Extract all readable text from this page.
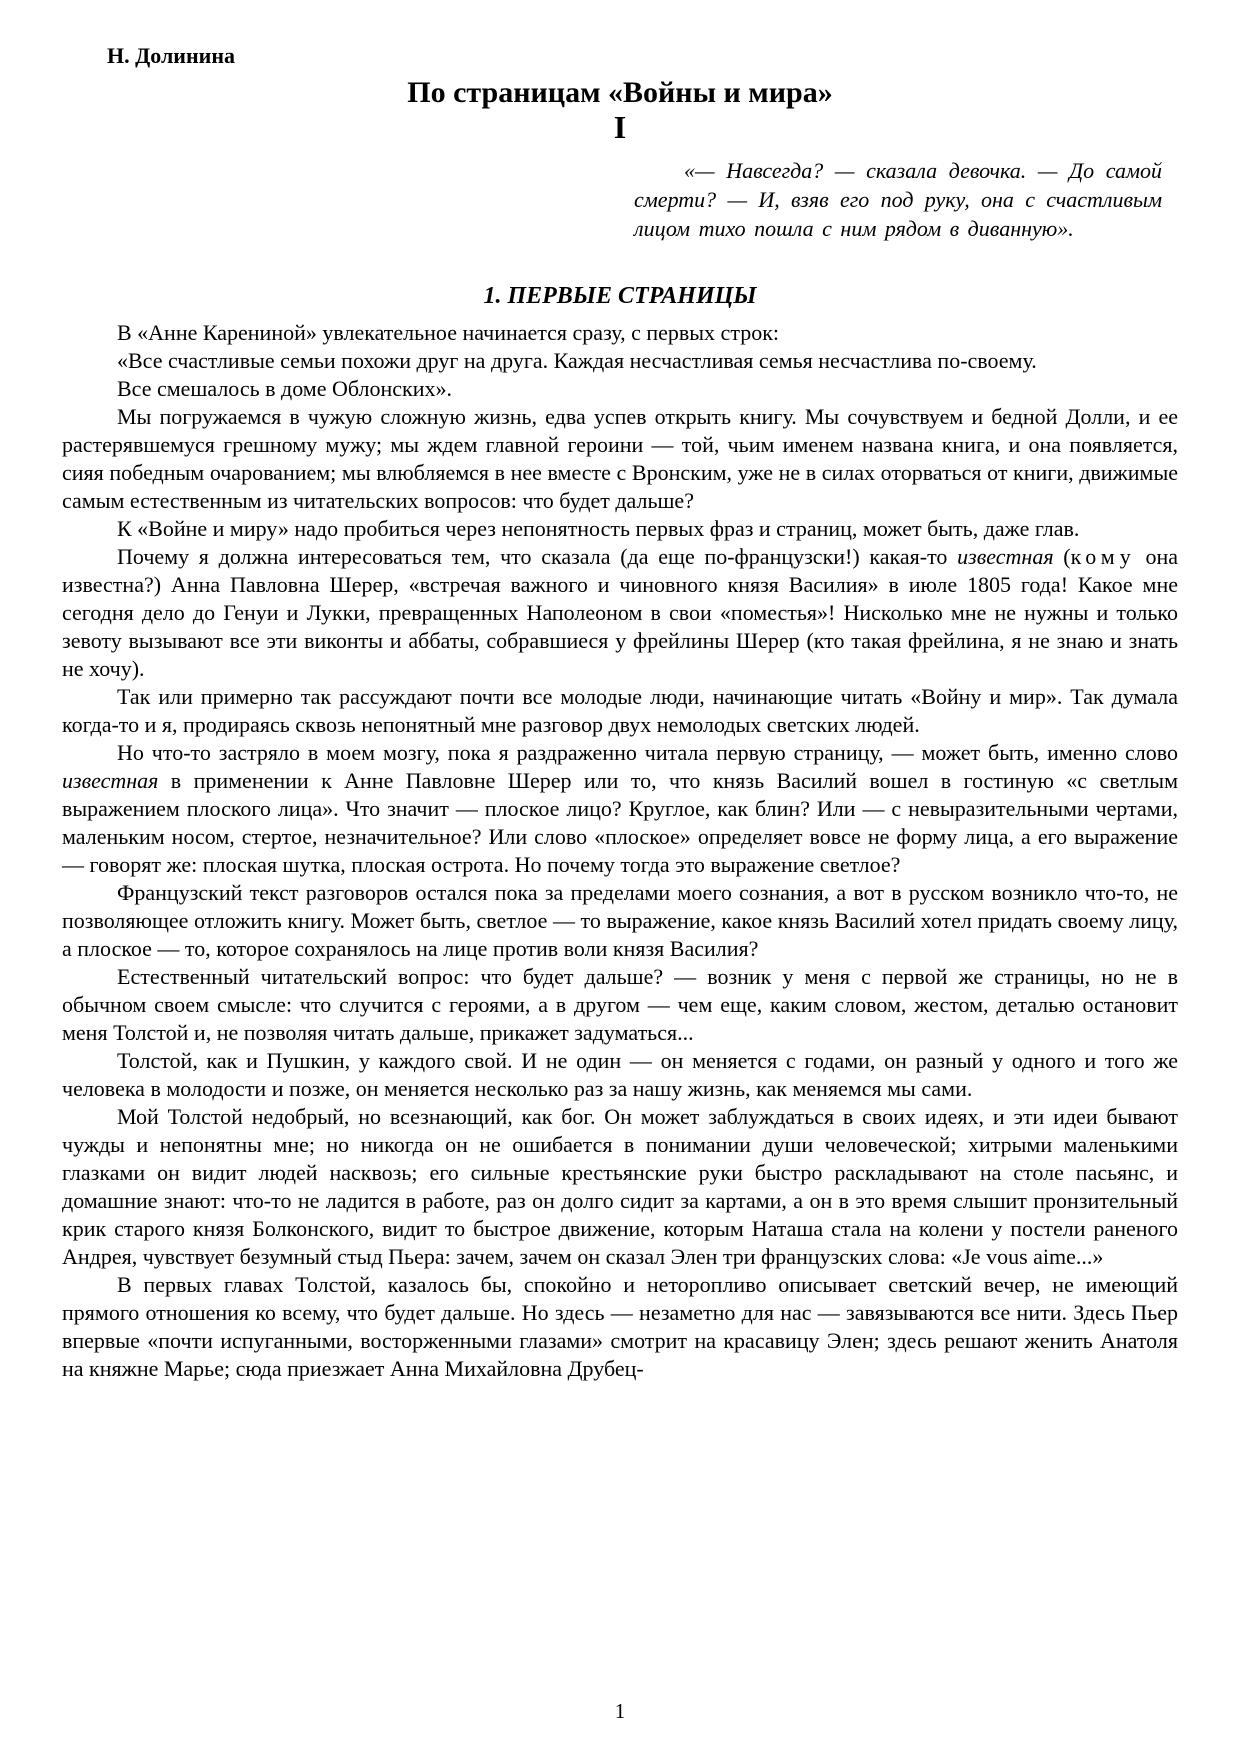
Н. Долинина
По страницам «Войны и мира»
I
«— Навсегда? — сказала девочка. — До самой смерти? — И, взяв его под руку, она с счастливым лицом тихо пошла с ним рядом в диванную».
1. ПЕРВЫЕ СТРАНИЦЫ

В «Анне Карениной» увлекательное начинается сразу, с первых строк:

«Все счастливые семьи похожи друг на друга. Каждая несчастливая семья несчастлива по-своему.

Все смешалось в доме Облонских».

Мы погружаемся в чужую сложную жизнь, едва успев открыть книгу. Мы сочувствуем и бедной Долли, и ее растерявшемуся грешному мужу; мы ждем главной героини — той, чьим именем названа книга, и она появляется, сияя победным очарованием; мы влюбляемся в нее вместе с Вронским, уже не в силах оторваться от книги, движимые самым естественным из читательских вопросов: что будет дальше?

К «Войне и миру» надо пробиться через непонятность первых фраз и страниц, может быть, даже глав.

Почему я должна интересоваться тем, что сказала (да еще по-французски!) какая-то известная (кому она известна?) Анна Павловна Шерер, «встречая важного и чиновного князя Василия» в июле 1805 года! Какое мне сегодня дело до Генуи и Лукки, превращенных Наполеоном в свои «поместья»! Нисколько мне не нужны и только зевоту вызывают все эти виконты и аббаты, собравшиеся у фрейлины Шерер (кто такая фрейлина, я не знаю и знать не хочу).

Так или примерно так рассуждают почти все молодые люди, начинающие читать «Войну и мир». Так думала когда-то и я, продираясь сквозь непонятный мне разговор двух немолодых светских людей.

Но что-то застряло в моем мозгу, пока я раздраженно читала первую страницу, — может быть, именно слово известная в применении к Анне Павловне Шерер или то, что князь Василий вошел в гостиную «с светлым выражением плоского лица». Что значит — плоское лицо? Круглое, как блин? Или — с невыразительными чертами, маленьким носом, стертое, незначительное? Или слово «плоское» определяет вовсе не форму лица, а его выражение — говорят же: плоская шутка, плоская острота. Но почему тогда это выражение светлое?

Французский текст разговоров остался пока за пределами моего сознания, а вот в русском возникло что-то, не позволяющее отложить книгу. Может быть, светлое — то выражение, какое князь Василий хотел придать своему лицу, а плоское — то, которое сохранялось на лице против воли князя Василия?

Естественный читательский вопрос: что будет дальше? — возник у меня с первой же страницы, но не в обычном своем смысле: что случится с героями, а в другом — чем еще, каким словом, жестом, деталью остановит меня Толстой и, не позволяя читать дальше, прикажет задуматься...

Толстой, как и Пушкин, у каждого свой. И не один — он меняется с годами, он разный у одного и того же человека в молодости и позже, он меняется несколько раз за нашу жизнь, как меняемся мы сами.

Мой Толстой недобрый, но всезнающий, как бог. Он может заблуждаться в своих идеях, и эти идеи бывают чужды и непонятны мне; но никогда он не ошибается в понимании души человеческой; хитрыми маленькими глазками он видит людей насквозь; его сильные крестьянские руки быстро раскладывают на столе пасьянс, и домашние знают: что-то не ладится в работе, раз он долго сидит за картами, а он в это время слышит пронзительный крик старого князя Болконского, видит то быстрое движение, которым Наташа стала на колени у постели раненого Андрея, чувствует безумный стыд Пьера: зачем, зачем он сказал Элен три французских слова: «Je vous aime...»

В первых главах Толстой, казалось бы, спокойно и неторопливо описывает светский вечер, не имеющий прямого отношения ко всему, что будет дальше. Но здесь — незаметно для нас — завязываются все нити. Здесь Пьер впервые «почти испуганными, восторженными глазами» смотрит на красавицу Элен; здесь решают женить Анатоля на княжне Марье; сюда приезжает Анна Михайловна Друбец-

1
